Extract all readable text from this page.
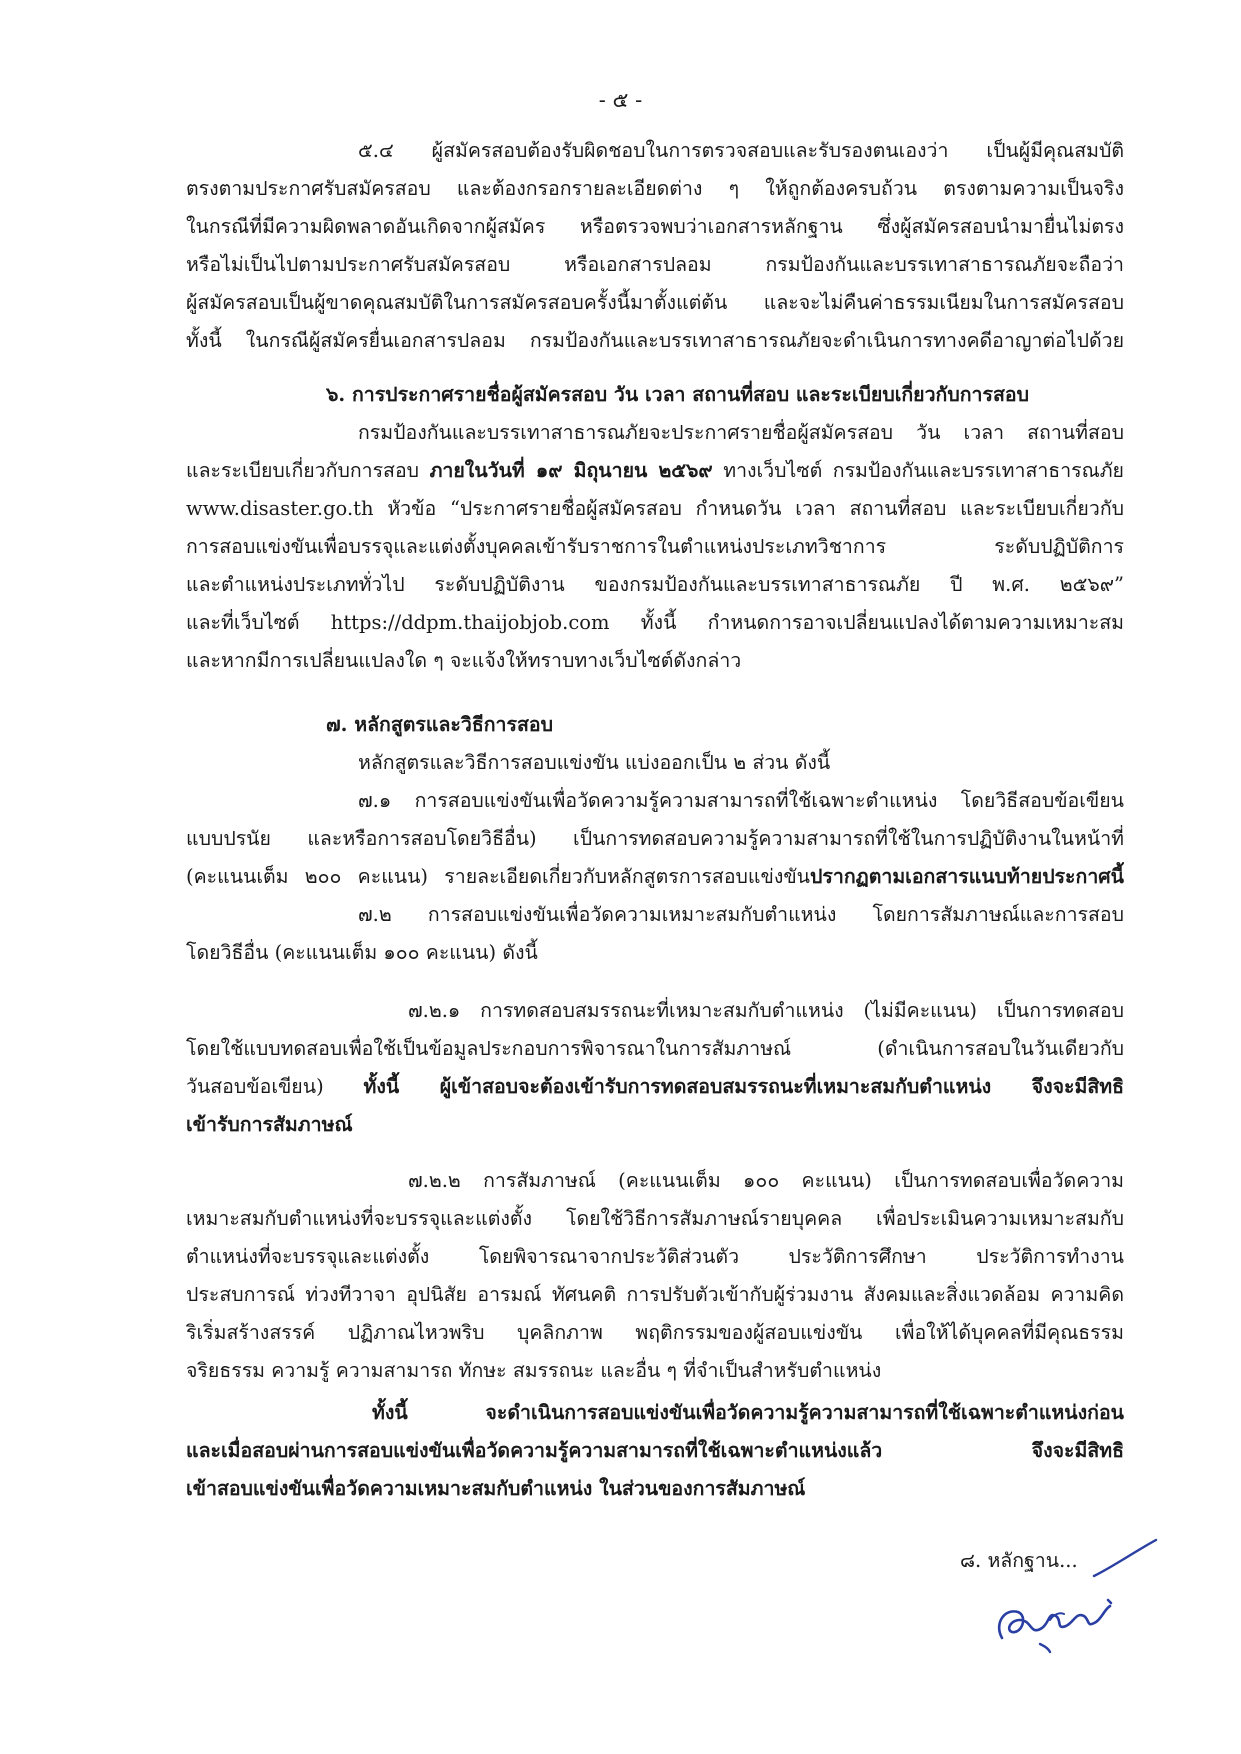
- ๕ -
๕.๔ ผู้สมัครสอบต้องรับผิดชอบในการตรวจสอบและรับรองตนเองว่า เป็นผู้มีคุณสมบัติ
ตรงตามประกาศรับสมัครสอบ และต้องกรอกรายละเอียดต่าง ๆ ให้ถูกต้องครบถ้วน ตรงตามความเป็นจริง
ในกรณีที่มีความผิดพลาดอันเกิดจากผู้สมัคร หรือตรวจพบว่าเอกสารหลักฐาน ซึ่งผู้สมัครสอบนำมายื่นไม่ตรง
หรือไม่เป็นไปตามประกาศรับสมัครสอบ หรือเอกสารปลอม กรมป้องกันและบรรเทาสาธารณภัยจะถือว่า
ผู้สมัครสอบเป็นผู้ขาดคุณสมบัติในการสมัครสอบครั้งนี้มาตั้งแต่ต้น และจะไม่คืนค่าธรรมเนียมในการสมัครสอบ
ทั้งนี้ ในกรณีผู้สมัครยื่นเอกสารปลอม กรมป้องกันและบรรเทาสาธารณภัยจะดำเนินการทางคดีอาญาต่อไปด้วย
๖. การประกาศรายชื่อผู้สมัครสอบ วัน เวลา สถานที่สอบ และระเบียบเกี่ยวกับการสอบ
กรมป้องกันและบรรเทาสาธารณภัยจะประกาศรายชื่อผู้สมัครสอบ วัน เวลา สถานที่สอบ
และระเบียบเกี่ยวกับการสอบ ภายในวันที่ ๑๙ มิถุนายน ๒๕๖๙ ทางเว็บไซต์ กรมป้องกันและบรรเทาสาธารณภัย
www.disaster.go.th หัวข้อ “ประกาศรายชื่อผู้สมัครสอบ กำหนดวัน เวลา สถานที่สอบ และระเบียบเกี่ยวกับ
การสอบแข่งขันเพื่อบรรจุและแต่งตั้งบุคคลเข้ารับราชการในตำแหน่งประเภทวิชาการ ระดับปฏิบัติการ
และตำแหน่งประเภททั่วไป ระดับปฏิบัติงาน ของกรมป้องกันและบรรเทาสาธารณภัย ปี พ.ศ. ๒๕๖๙”
และที่เว็บไซต์ https://ddpm.thaijobjob.com ทั้งนี้ กำหนดการอาจเปลี่ยนแปลงได้ตามความเหมาะสม
และหากมีการเปลี่ยนแปลงใด ๆ จะแจ้งให้ทราบทางเว็บไซต์ดังกล่าว
๗. หลักสูตรและวิธีการสอบ
หลักสูตรและวิธีการสอบแข่งขัน แบ่งออกเป็น ๒ ส่วน ดังนี้
๗.๑ การสอบแข่งขันเพื่อวัดความรู้ความสามารถที่ใช้เฉพาะตำแหน่ง โดยวิธีสอบข้อเขียน
แบบปรนัย และหรือการสอบโดยวิธีอื่น) เป็นการทดสอบความรู้ความสามารถที่ใช้ในการปฏิบัติงานในหน้าที่
(คะแนนเต็ม ๒๐๐ คะแนน) รายละเอียดเกี่ยวกับหลักสูตรการสอบแข่งขันปรากฏตามเอกสารแนบท้ายประกาศนี้
๗.๒ การสอบแข่งขันเพื่อวัดความเหมาะสมกับตำแหน่ง โดยการสัมภาษณ์และการสอบ
โดยวิธีอื่น (คะแนนเต็ม ๑๐๐ คะแนน) ดังนี้
๗.๒.๑ การทดสอบสมรรถนะที่เหมาะสมกับตำแหน่ง (ไม่มีคะแนน) เป็นการทดสอบ
โดยใช้แบบทดสอบเพื่อใช้เป็นข้อมูลประกอบการพิจารณาในการสัมภาษณ์ (ดำเนินการสอบในวันเดียวกับ
วันสอบข้อเขียน) ทั้งนี้ ผู้เข้าสอบจะต้องเข้ารับการทดสอบสมรรถนะที่เหมาะสมกับตำแหน่ง จึงจะมีสิทธิ
เข้ารับการสัมภาษณ์
๗.๒.๒ การสัมภาษณ์ (คะแนนเต็ม ๑๐๐ คะแนน) เป็นการทดสอบเพื่อวัดความ
เหมาะสมกับตำแหน่งที่จะบรรจุและแต่งตั้ง โดยใช้วิธีการสัมภาษณ์รายบุคคล เพื่อประเมินความเหมาะสมกับ
ตำแหน่งที่จะบรรจุและแต่งตั้ง โดยพิจารณาจากประวัติส่วนตัว ประวัติการศึกษา ประวัติการทำงาน
ประสบการณ์ ท่วงทีวาจา อุปนิสัย อารมณ์ ทัศนคติ การปรับตัวเข้ากับผู้ร่วมงาน สังคมและสิ่งแวดล้อม ความคิด
ริเริ่มสร้างสรรค์ ปฏิภาณไหวพริบ บุคลิกภาพ พฤติกรรมของผู้สอบแข่งขัน เพื่อให้ได้บุคคลที่มีคุณธรรม
จริยธรรม ความรู้ ความสามารถ ทักษะ สมรรถนะ และอื่น ๆ ที่จำเป็นสำหรับตำแหน่ง
ทั้งนี้ จะดำเนินการสอบแข่งขันเพื่อวัดความรู้ความสามารถที่ใช้เฉพาะตำแหน่งก่อน
และเมื่อสอบผ่านการสอบแข่งขันเพื่อวัดความรู้ความสามารถที่ใช้เฉพาะตำแหน่งแล้ว จึงจะมีสิทธิ
เข้าสอบแข่งขันเพื่อวัดความเหมาะสมกับตำแหน่ง ในส่วนของการสัมภาษณ์
๘. หลักฐาน...
